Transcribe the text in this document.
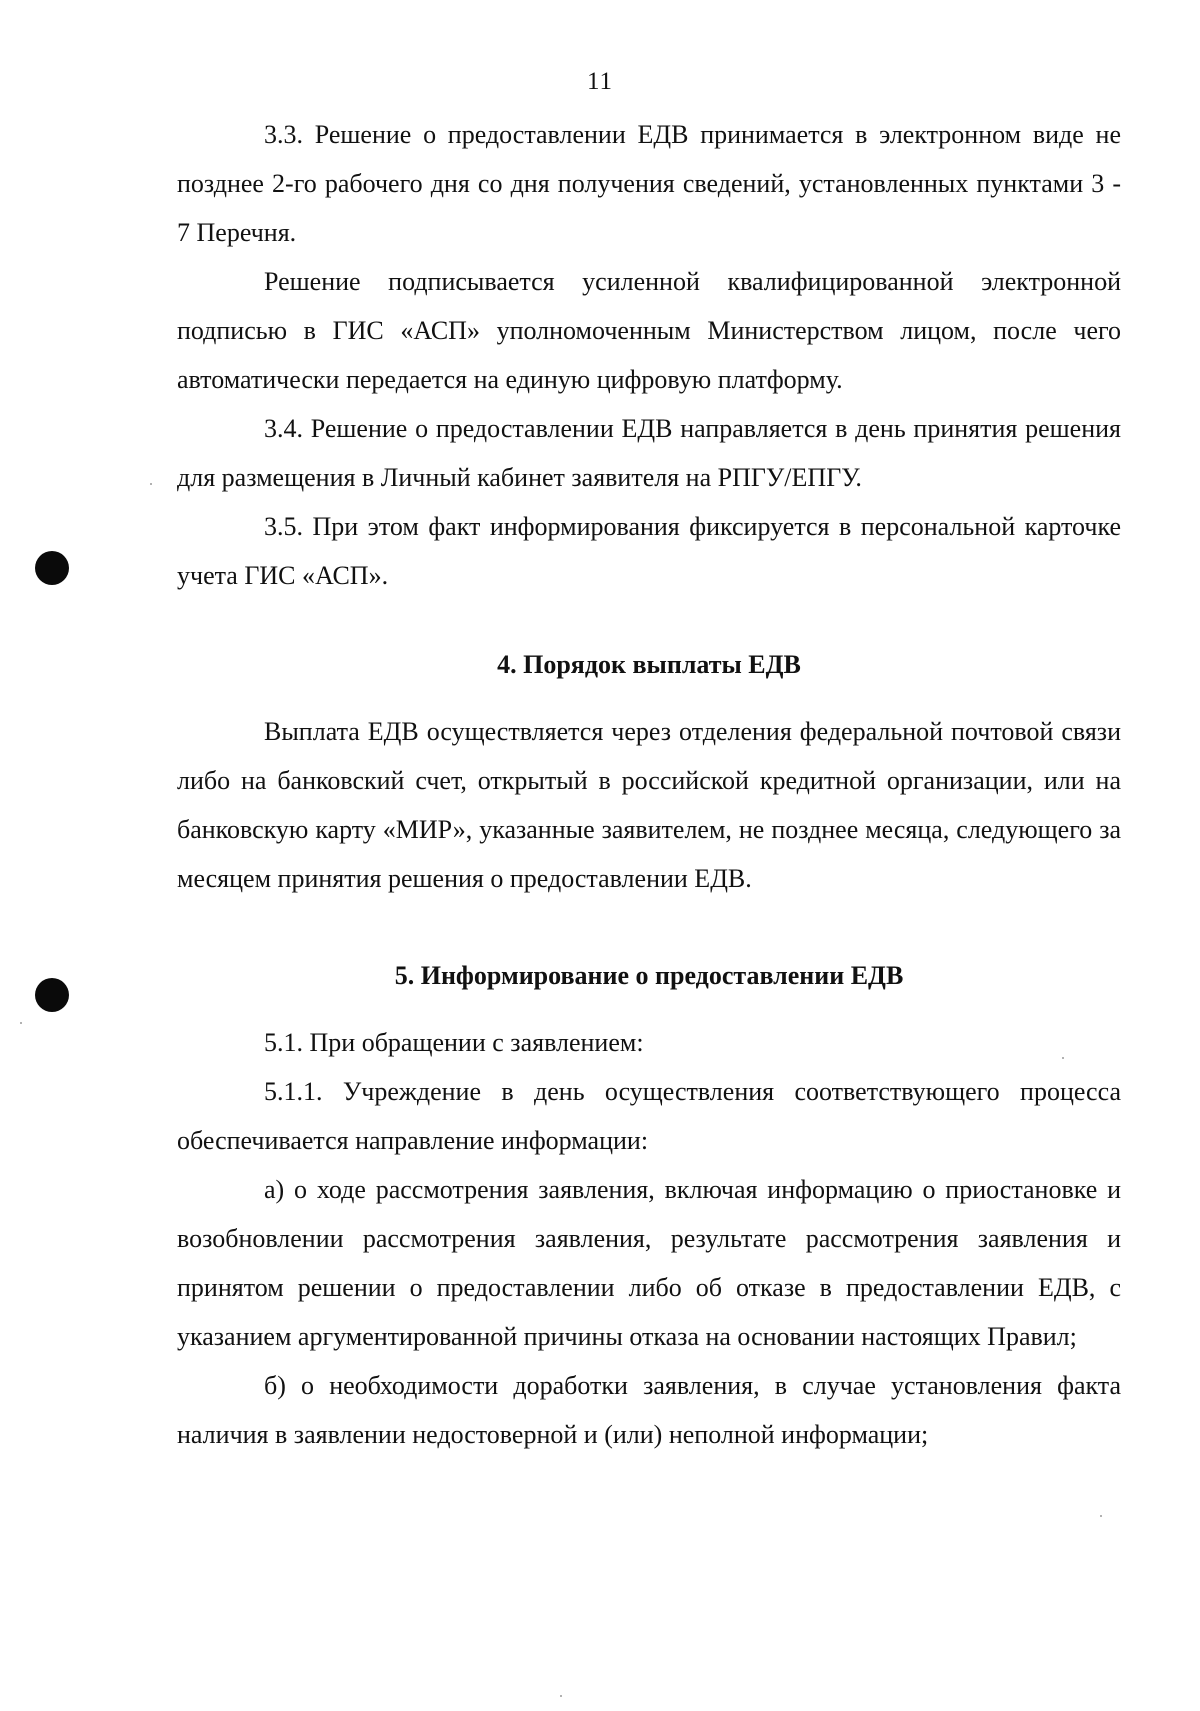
11

3.3. Решение о предоставлении ЕДВ принимается в электронном виде не позднее 2-го рабочего дня со дня получения сведений, установленных пунктами 3 - 7 Перечня.

Решение подписывается усиленной квалифицированной электронной подписью в ГИС «АСП» уполномоченным Министерством лицом, после чего автоматически передается на единую цифровую платформу.

3.4. Решение о предоставлении ЕДВ направляется в день принятия решения для размещения в Личный кабинет заявителя на РПГУ/ЕПГУ.

3.5. При этом факт информирования фиксируется в персональной карточке учета ГИС «АСП».

4. Порядок выплаты ЕДВ

Выплата ЕДВ осуществляется через отделения федеральной почтовой связи либо на банковский счет, открытый в российской кредитной организации, или на банковскую карту «МИР», указанные заявителем, не позднее месяца, следующего за месяцем принятия решения о предоставлении ЕДВ.

5. Информирование о предоставлении ЕДВ

5.1. При обращении с заявлением:

5.1.1. Учреждение в день осуществления соответствующего процесса обеспечивается направление информации:

а) о ходе рассмотрения заявления, включая информацию о приостановке и возобновлении рассмотрения заявления, результате рассмотрения заявления и принятом решении о предоставлении либо об отказе в предоставлении ЕДВ, с указанием аргументированной причины отказа на основании настоящих Правил;

б) о необходимости доработки заявления, в случае установления факта наличия в заявлении недостоверной и (или) неполной информации;
